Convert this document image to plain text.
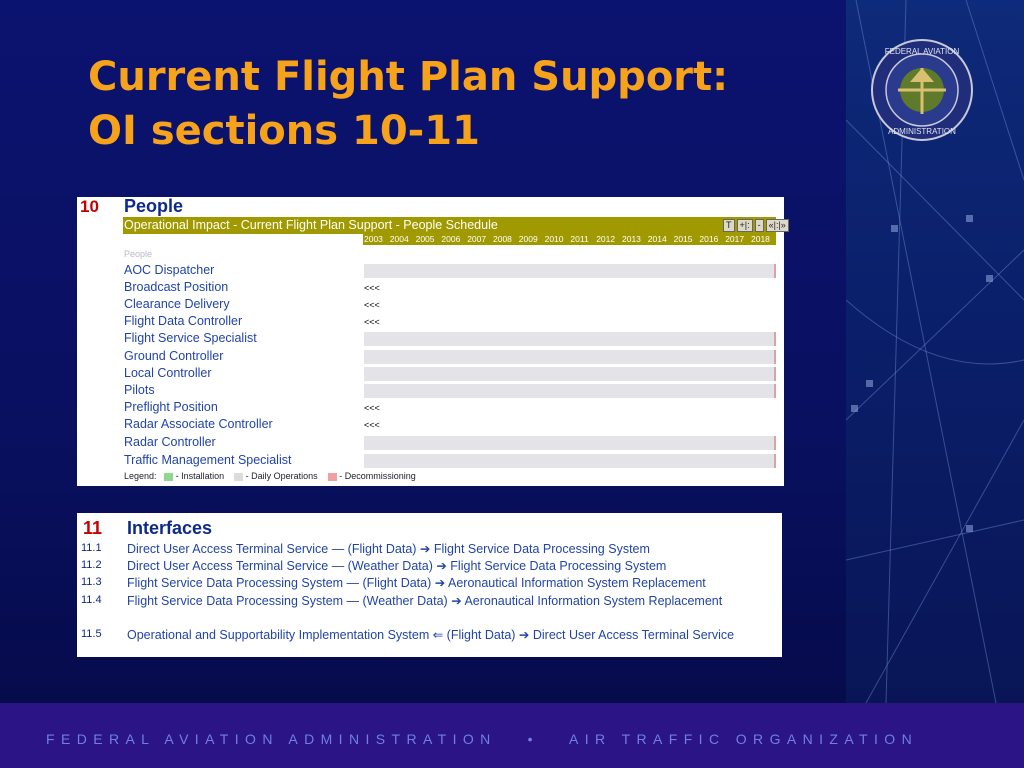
Current Flight Plan Support:
OI sections 10-11
FEDERAL AVIATION
ADMINISTRATION
10 People
Operational Impact - Current Flight Plan Support - People Schedule	T +|: - «|:|»
2003 2004 2005 2006 2007 2008 2009 2010 2011 2012 2013 2014 2015 2016 2017 2018
People
AOC Dispatcher
Broadcast Position	<<<
Clearance Delivery	<<<
Flight Data Controller	<<<
Flight Service Specialist
Ground Controller
Local Controller
Pilots
Preflight Position	<<<
Radar Associate Controller	<<<
Radar Controller
Traffic Management Specialist
Legend: - Installation - Daily Operations - Decommissioning
11 Interfaces
11.1 Direct User Access Terminal Service — (Flight Data) ➔ Flight Service Data Processing System
11.2 Direct User Access Terminal Service — (Weather Data) ➔ Flight Service Data Processing System
11.3 Flight Service Data Processing System — (Flight Data) ➔ Aeronautical Information System Replacement
11.4 Flight Service Data Processing System — (Weather Data) ➔ Aeronautical Information System Replacement
11.5 Operational and Supportability Implementation System ⇐ (Flight Data) ➔ Direct User Access Terminal Service
FEDERAL AVIATION ADMINISTRATION • AIR TRAFFIC ORGANIZATION
